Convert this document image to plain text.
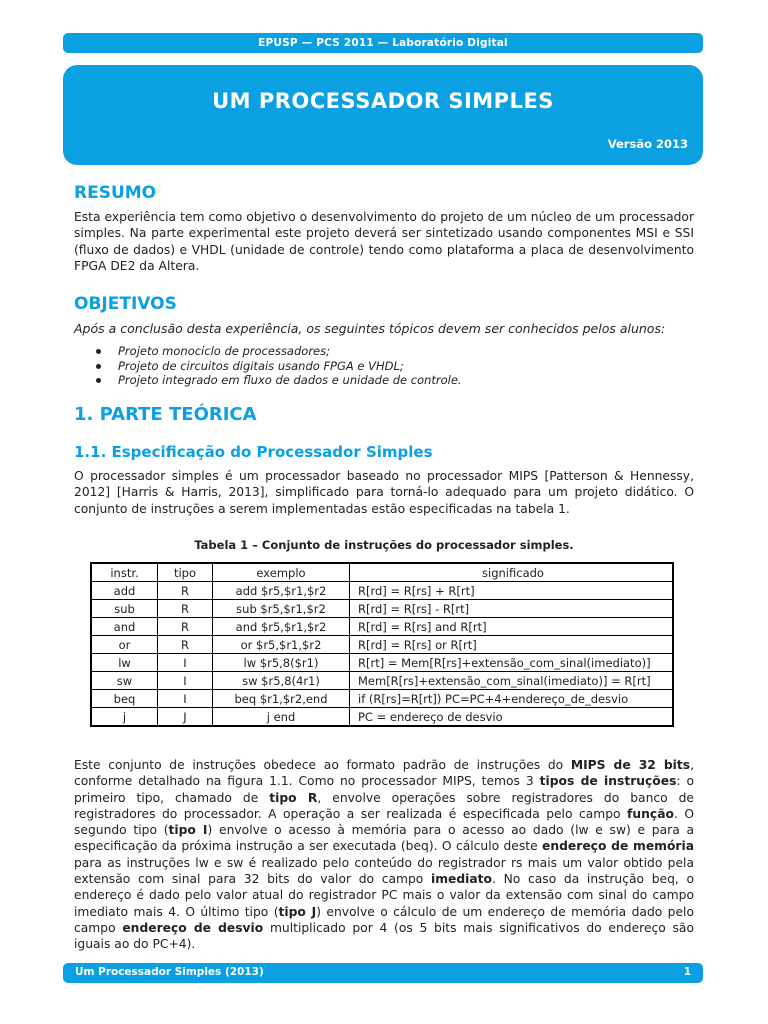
EPUSP — PCS 2011 — Laboratório Digital
UM PROCESSADOR SIMPLES
Versão 2013
RESUMO

Esta experiência tem como objetivo o desenvolvimento do projeto de um núcleo de um processador simples. Na parte experimental este projeto deverá ser sintetizado usando componentes MSI e SSI (fluxo de dados) e VHDL (unidade de controle) tendo como plataforma a placa de desenvolvimento FPGA DE2 da Altera.

OBJETIVOS
Após a conclusão desta experiência, os seguintes tópicos devem ser conhecidos pelos alunos:
Projeto monociclo de processadores;
Projeto de circuitos digitais usando FPGA e VHDL;
Projeto integrado em fluxo de dados e unidade de controle.
1. PARTE TEÓRICA
1.1. Especificação do Processador Simples

O processador simples é um processador baseado no processador MIPS [Patterson & Hennessy, 2012] [Harris & Harris, 2013], simplificado para torná-lo adequado para um projeto didático. O conjunto de instruções a serem implementadas estão especificadas na tabela 1.

Tabela 1 – Conjunto de instruções do processador simples.
instr.	tipo	exemplo	significado
add	R	add $r5,$r1,$r2	R[rd] = R[rs] + R[rt]
sub	R	sub $r5,$r1,$r2	R[rd] = R[rs] - R[rt]
and	R	and $r5,$r1,$r2	R[rd] = R[rs] and R[rt]
or	R	or $r5,$r1,$r2	R[rd] = R[rs] or R[rt]
lw	I	lw $r5,8($r1)	R[rt] = Mem[R[rs]+extensão_com_sinal(imediato)]
sw	I	sw $r5,8(4r1)	Mem[R[rs]+extensão_com_sinal(imediato)] = R[rt]
beq	I	beq $r1,$r2,end	if (R[rs]=R[rt]) PC=PC+4+endereço_de_desvio
j	J	j end	PC = endereço de desvio

Este conjunto de instruções obedece ao formato padrão de instruções do MIPS de 32 bits, conforme detalhado na figura 1.1. Como no processador MIPS, temos 3 tipos de instruções: o primeiro tipo, chamado de tipo R, envolve operações sobre registradores do banco de registradores do processador. A operação a ser realizada é especificada pelo campo função. O segundo tipo (tipo I) envolve o acesso à memória para o acesso ao dado (lw e sw) e para a especificação da próxima instrução a ser executada (beq). O cálculo deste endereço de memória para as instruções lw e sw é realizado pelo conteúdo do registrador rs mais um valor obtido pela extensão com sinal para 32 bits do valor do campo imediato. No caso da instrução beq, o endereço é dado pelo valor atual do registrador PC mais o valor da extensão com sinal do campo imediato mais 4. O último tipo (tipo J) envolve o cálculo de um endereço de memória dado pelo campo endereço de desvio multiplicado por 4 (os 5 bits mais significativos do endereço são iguais ao do PC+4).

Um Processador Simples (2013)	1
